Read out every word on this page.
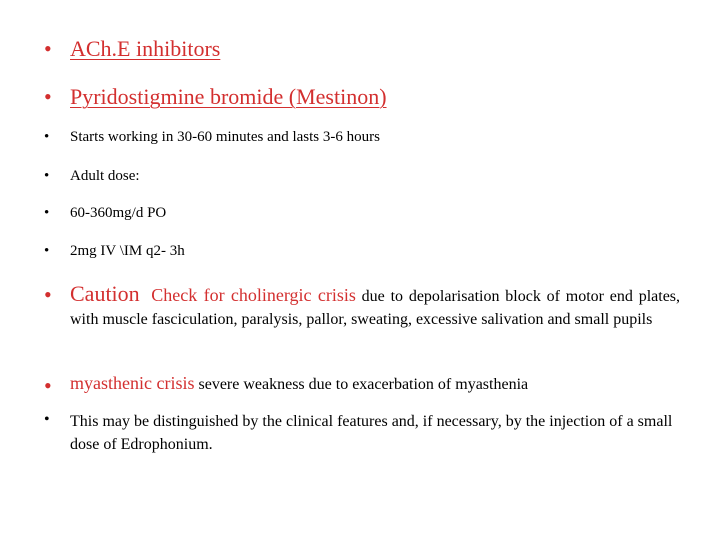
• ACh.E inhibitors
• Pyridostigmine bromide (Mestinon)
•	Starts working in 30-60 minutes and lasts 3-6 hours
•	Adult dose:
•	60-360mg/d PO
•	2mg IV \IM q2- 3h
• Caution Check for cholinergic crisis due to depolarisation block of motor end plates, with muscle fasciculation, paralysis, pallor, sweating, excessive salivation and small pupils
•	myasthenic crisis severe weakness due to exacerbation of myasthenia
•	This may be distinguished by the clinical features and, if necessary, by the injection of a small dose of Edrophonium.
